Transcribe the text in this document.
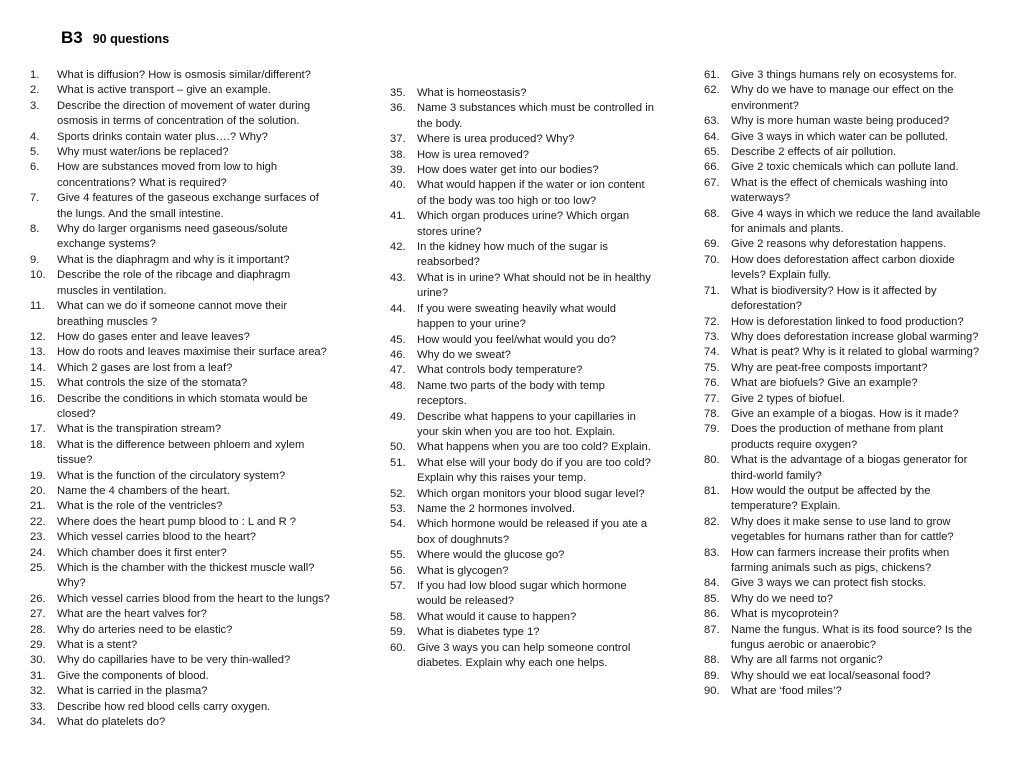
B3 90 questions
1.	What is diffusion? How is osmosis similar/different?
2.	What is active transport – give an example.
3.	Describe the direction of movement of water during osmosis in terms of concentration of the solution.
4.	Sports drinks contain water plus….? Why?
5.	Why must water/ions be replaced?
6.	How are substances moved from low to high concentrations? What is required?
7.	Give 4 features of the gaseous exchange surfaces of the lungs. And the small intestine.
8.	Why do larger organisms need gaseous/solute exchange systems?
9.	What is the diaphragm and why is it important?
10.	Describe the role of the ribcage and diaphragm muscles in ventilation.
11.	What can we do if someone cannot move their breathing muscles ?
12.	How do gases enter and leave leaves?
13.	How do roots and leaves maximise their surface area?
14.	Which 2 gases are lost from a leaf?
15.	What controls the size of the stomata?
16.	Describe the conditions in which stomata would be closed?
17.	What is the transpiration stream?
18.	What is the difference between phloem and xylem tissue?
19.	What is the function of the circulatory system?
20.	Name the 4 chambers of the heart.
21.	What is the role of the ventricles?
22.	Where does the heart pump blood to : L and R ?
23.	Which vessel carries blood to the heart?
24.	Which chamber does it first enter?
25.	Which is the chamber with the thickest muscle wall? Why?
26.	Which vessel carries blood from the heart to the lungs?
27.	What are the heart valves for?
28.	Why do arteries need to be elastic?
29.	What is a stent?
30.	Why do capillaries have to be very thin-walled?
31.	Give the components of blood.
32.	What is carried in the plasma?
33.	Describe how red blood cells carry oxygen.
34.	What do platelets do?
35.	What is homeostasis?
36.	Name 3 substances which must be controlled in the body.
37.	Where is urea produced? Why?
38.	How is urea removed?
39.	How does water get into our bodies?
40.	What would happen if the water or ion content of the body was too high or too low?
41.	Which organ produces urine? Which organ stores urine?
42.	In the kidney how much of the sugar is reabsorbed?
43.	What is in urine? What should not be in healthy urine?
44.	If you were sweating heavily what would happen to your urine?
45.	How would you feel/what would you do?
46.	Why do we sweat?
47.	What controls body temperature?
48.	Name two parts of the body with temp receptors.
49.	Describe what happens to your capillaries in your skin when you are too hot. Explain.
50.	What happens when you are too cold? Explain.
51.	What else will your body do if you are too cold? Explain why this raises your temp.
52.	Which organ monitors your blood sugar level?
53.	Name the 2 hormones involved.
54.	Which hormone would be released if you ate a box of doughnuts?
55.	Where would the glucose go?
56.	What is glycogen?
57.	If you had low blood sugar which hormone would be released?
58.	What would it cause to happen?
59.	What is diabetes type 1?
60.	Give 3 ways you can help someone control diabetes. Explain why each one helps.
61.	Give 3 things humans rely on ecosystems for.
62.	Why do we have to manage our effect on the environment?
63.	Why is more human waste being produced?
64.	Give 3 ways in which water can be polluted.
65.	Describe 2 effects of air pollution.
66.	Give 2 toxic chemicals which can pollute land.
67.	What is the effect of chemicals washing into waterways?
68.	Give 4 ways in which we reduce the land available for animals and plants.
69.	Give 2 reasons why deforestation happens.
70.	How does deforestation affect carbon dioxide levels? Explain fully.
71.	What is biodiversity? How is it affected by deforestation?
72.	How is deforestation linked to food production?
73.	Why does deforestation increase global warming?
74.	What is peat? Why is it related to global warming?
75.	Why are peat-free composts important?
76.	What are biofuels? Give an example?
77.	Give 2 types of biofuel.
78.	Give an example of a biogas. How is it made?
79.	Does the production of methane from plant products require oxygen?
80.	What is the advantage of a biogas generator for third-world family?
81.	How would the output be affected by the temperature? Explain.
82.	Why does it make sense to use land to grow vegetables for humans rather than for cattle?
83.	How can farmers increase their profits when farming animals such as pigs, chickens?
84.	Give 3 ways we can protect fish stocks.
85.	Why do we need to?
86.	What is mycoprotein?
87.	Name the fungus. What is its food source? Is the fungus aerobic or anaerobic?
88.	Why are all farms not organic?
89.	Why should we eat local/seasonal food?
90.	What are ‘food miles’?
